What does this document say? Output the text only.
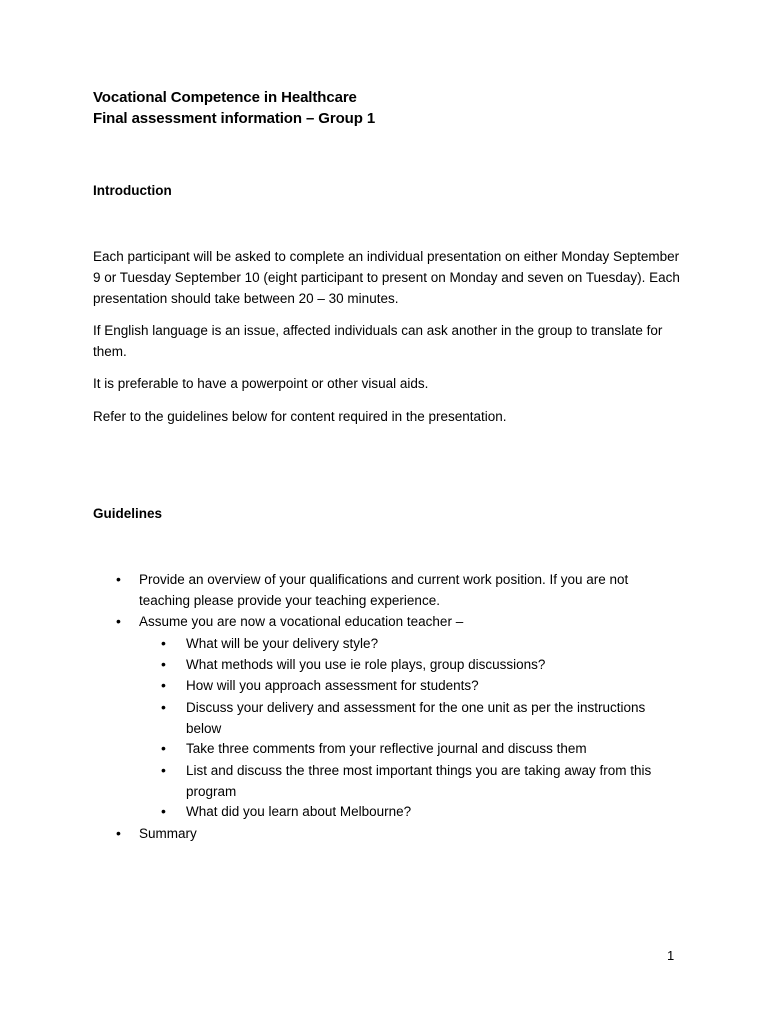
Vocational Competence in Healthcare
Final assessment information – Group 1
Introduction
Each participant will be asked to complete an individual presentation on either Monday September 9 or Tuesday September 10 (eight participant to present on Monday and seven on Tuesday). Each presentation should take between 20 – 30 minutes.
If English language is an issue, affected individuals can ask another in the group to translate for them.
It is preferable to have a powerpoint or other visual aids.
Refer to the guidelines below for content required in the presentation.
Guidelines
• Provide an overview of your qualifications and current work position. If you are not teaching please provide your teaching experience.
• Assume you are now a vocational education teacher –
• What will be your delivery style?
• What methods will you use ie role plays, group discussions?
• How will you approach assessment for students?
• Discuss your delivery and assessment for the one unit as per the instructions below
• Take three comments from your reflective journal and discuss them
• List and discuss the three most important things you are taking away from this program
• What did you learn about Melbourne?
• Summary
1
